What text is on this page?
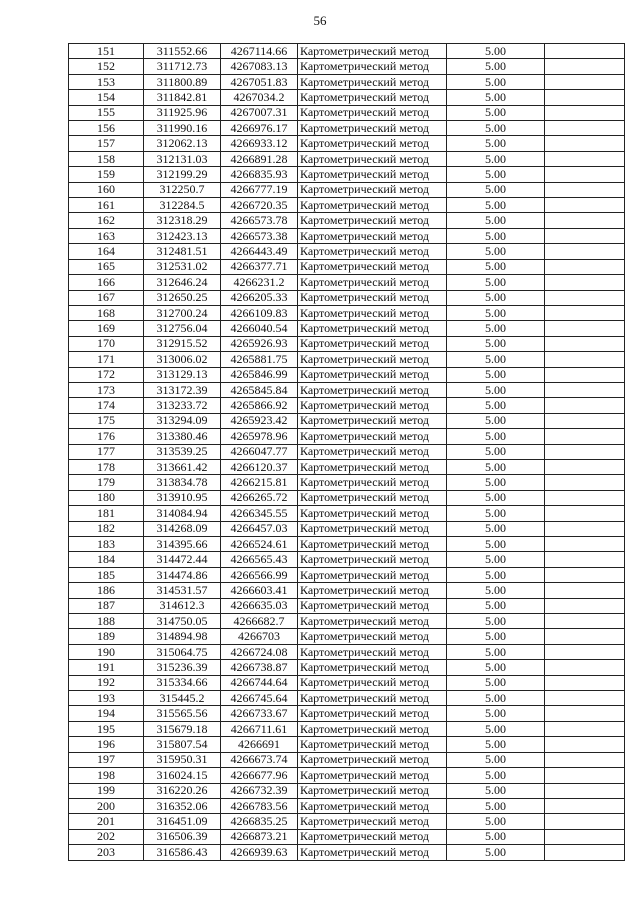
56
151	311552.66	4267114.66	Картометрический метод	5.00	
152	311712.73	4267083.13	Картометрический метод	5.00	
153	311800.89	4267051.83	Картометрический метод	5.00	
154	311842.81	4267034.2	Картометрический метод	5.00	
155	311925.96	4267007.31	Картометрический метод	5.00	
156	311990.16	4266976.17	Картометрический метод	5.00	
157	312062.13	4266933.12	Картометрический метод	5.00	
158	312131.03	4266891.28	Картометрический метод	5.00	
159	312199.29	4266835.93	Картометрический метод	5.00	
160	312250.7	4266777.19	Картометрический метод	5.00	
161	312284.5	4266720.35	Картометрический метод	5.00	
162	312318.29	4266573.78	Картометрический метод	5.00	
163	312423.13	4266573.38	Картометрический метод	5.00	
164	312481.51	4266443.49	Картометрический метод	5.00	
165	312531.02	4266377.71	Картометрический метод	5.00	
166	312646.24	4266231.2	Картометрический метод	5.00	
167	312650.25	4266205.33	Картометрический метод	5.00	
168	312700.24	4266109.83	Картометрический метод	5.00	
169	312756.04	4266040.54	Картометрический метод	5.00	
170	312915.52	4265926.93	Картометрический метод	5.00	
171	313006.02	4265881.75	Картометрический метод	5.00	
172	313129.13	4265846.99	Картометрический метод	5.00	
173	313172.39	4265845.84	Картометрический метод	5.00	
174	313233.72	4265866.92	Картометрический метод	5.00	
175	313294.09	4265923.42	Картометрический метод	5.00	
176	313380.46	4265978.96	Картометрический метод	5.00	
177	313539.25	4266047.77	Картометрический метод	5.00	
178	313661.42	4266120.37	Картометрический метод	5.00	
179	313834.78	4266215.81	Картометрический метод	5.00	
180	313910.95	4266265.72	Картометрический метод	5.00	
181	314084.94	4266345.55	Картометрический метод	5.00	
182	314268.09	4266457.03	Картометрический метод	5.00	
183	314395.66	4266524.61	Картометрический метод	5.00	
184	314472.44	4266565.43	Картометрический метод	5.00	
185	314474.86	4266566.99	Картометрический метод	5.00	
186	314531.57	4266603.41	Картометрический метод	5.00	
187	314612.3	4266635.03	Картометрический метод	5.00	
188	314750.05	4266682.7	Картометрический метод	5.00	
189	314894.98	4266703	Картометрический метод	5.00	
190	315064.75	4266724.08	Картометрический метод	5.00	
191	315236.39	4266738.87	Картометрический метод	5.00	
192	315334.66	4266744.64	Картометрический метод	5.00	
193	315445.2	4266745.64	Картометрический метод	5.00	
194	315565.56	4266733.67	Картометрический метод	5.00	
195	315679.18	4266711.61	Картометрический метод	5.00	
196	315807.54	4266691	Картометрический метод	5.00	
197	315950.31	4266673.74	Картометрический метод	5.00	
198	316024.15	4266677.96	Картометрический метод	5.00	
199	316220.26	4266732.39	Картометрический метод	5.00	
200	316352.06	4266783.56	Картометрический метод	5.00	
201	316451.09	4266835.25	Картометрический метод	5.00	
202	316506.39	4266873.21	Картометрический метод	5.00	
203	316586.43	4266939.63	Картометрический метод	5.00	
